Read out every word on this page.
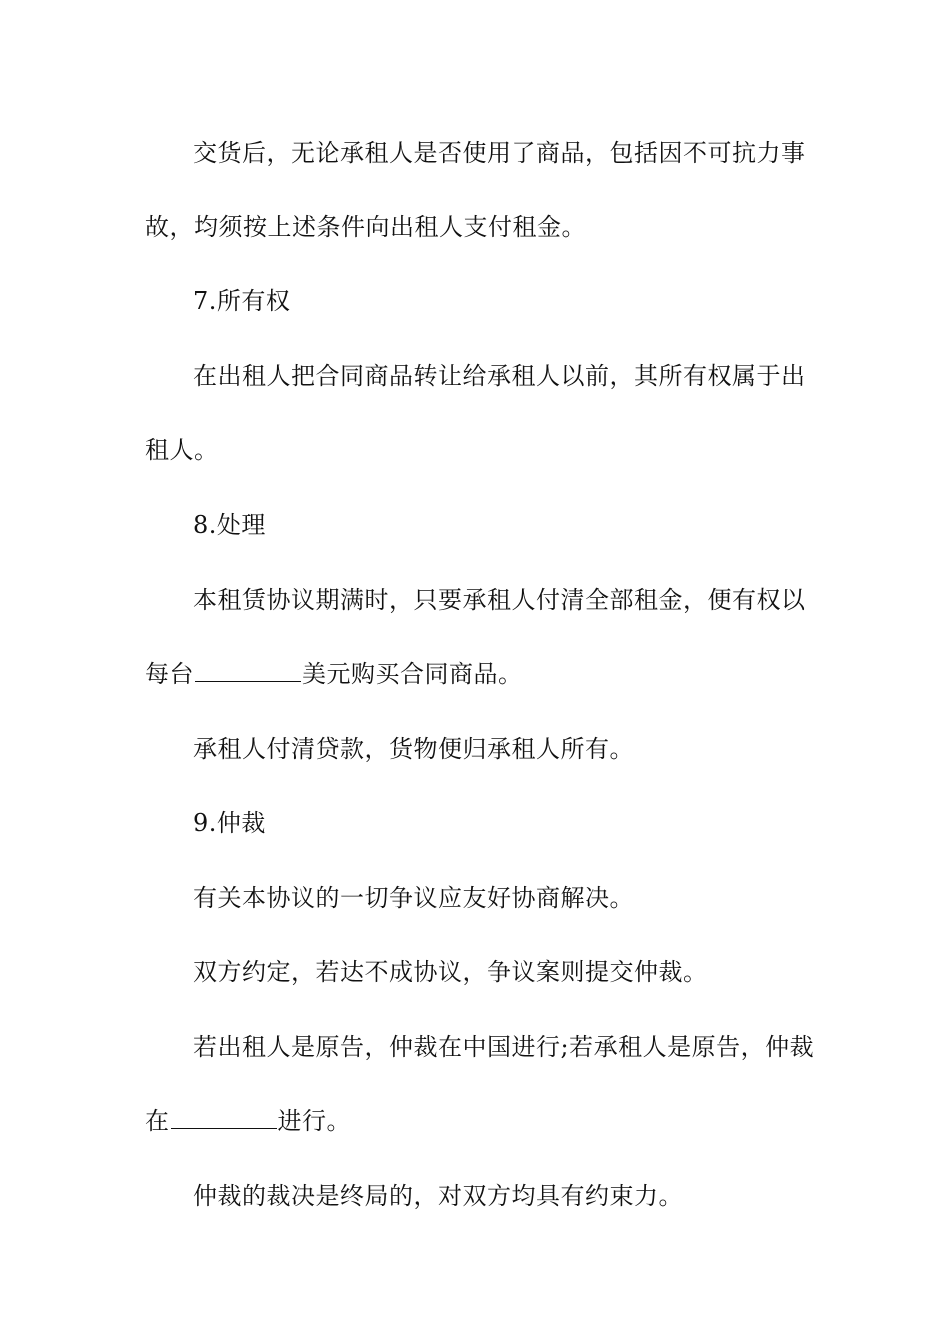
交货后，无论承租人是否使用了商品，包括因不可抗力事
故，均须按上述条件向出租人支付租金。
7.所有权
在出租人把合同商品转让给承租人以前，其所有权属于出
租人。
8.处理
本租赁协议期满时，只要承租人付清全部租金，便有权以
每台	美元购买合同商品。
承租人付清贷款，货物便归承租人所有。
9.仲裁
有关本协议的一切争议应友好协商解决。
双方约定，若达不成协议，争议案则提交仲裁。
若出租人是原告，仲裁在中国进行;若承租人是原告，仲裁
在	进行。
仲裁的裁决是终局的，对双方均具有约束力。
